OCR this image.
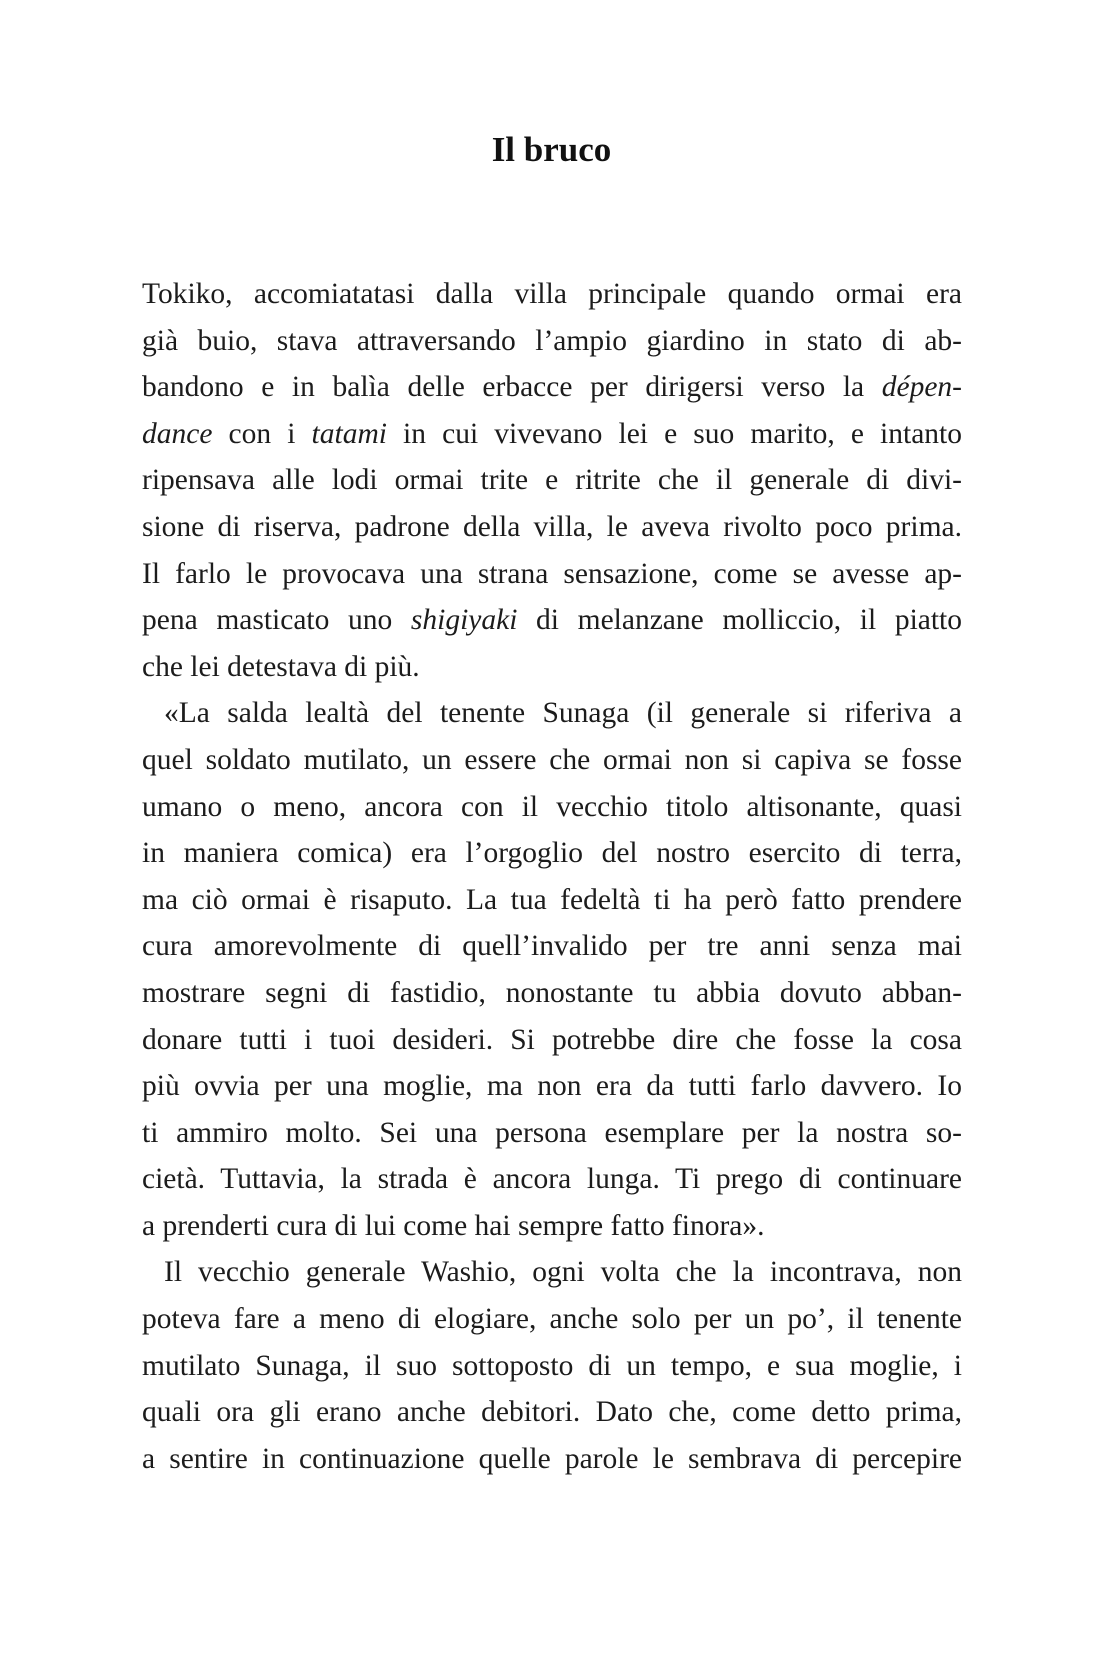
Il bruco
Tokiko, accomiatatasi dalla villa principale quando ormai era
già buio, stava attraversando l’ampio giardino in stato di ab-
bandono e in balìa delle erbacce per dirigersi verso la dépen-
dance con i tatami in cui vivevano lei e suo marito, e intanto
ripensava alle lodi ormai trite e ritrite che il generale di divi-
sione di riserva, padrone della villa, le aveva rivolto poco prima.
Il farlo le provocava una strana sensazione, come se avesse ap-
pena masticato uno shigiyaki di melanzane molliccio, il piatto
che lei detestava di più.
«La salda lealtà del tenente Sunaga (il generale si riferiva a
quel soldato mutilato, un essere che ormai non si capiva se fosse
umano o meno, ancora con il vecchio titolo altisonante, quasi
in maniera comica) era l’orgoglio del nostro esercito di terra,
ma ciò ormai è risaputo. La tua fedeltà ti ha però fatto prendere
cura amorevolmente di quell’invalido per tre anni senza mai
mostrare segni di fastidio, nonostante tu abbia dovuto abban-
donare tutti i tuoi desideri. Si potrebbe dire che fosse la cosa
più ovvia per una moglie, ma non era da tutti farlo davvero. Io
ti ammiro molto. Sei una persona esemplare per la nostra so-
cietà. Tuttavia, la strada è ancora lunga. Ti prego di continuare
a prenderti cura di lui come hai sempre fatto finora».
Il vecchio generale Washio, ogni volta che la incontrava, non
poteva fare a meno di elogiare, anche solo per un po’, il tenente
mutilato Sunaga, il suo sottoposto di un tempo, e sua moglie, i
quali ora gli erano anche debitori. Dato che, come detto prima,
a sentire in continuazione quelle parole le sembrava di percepire
